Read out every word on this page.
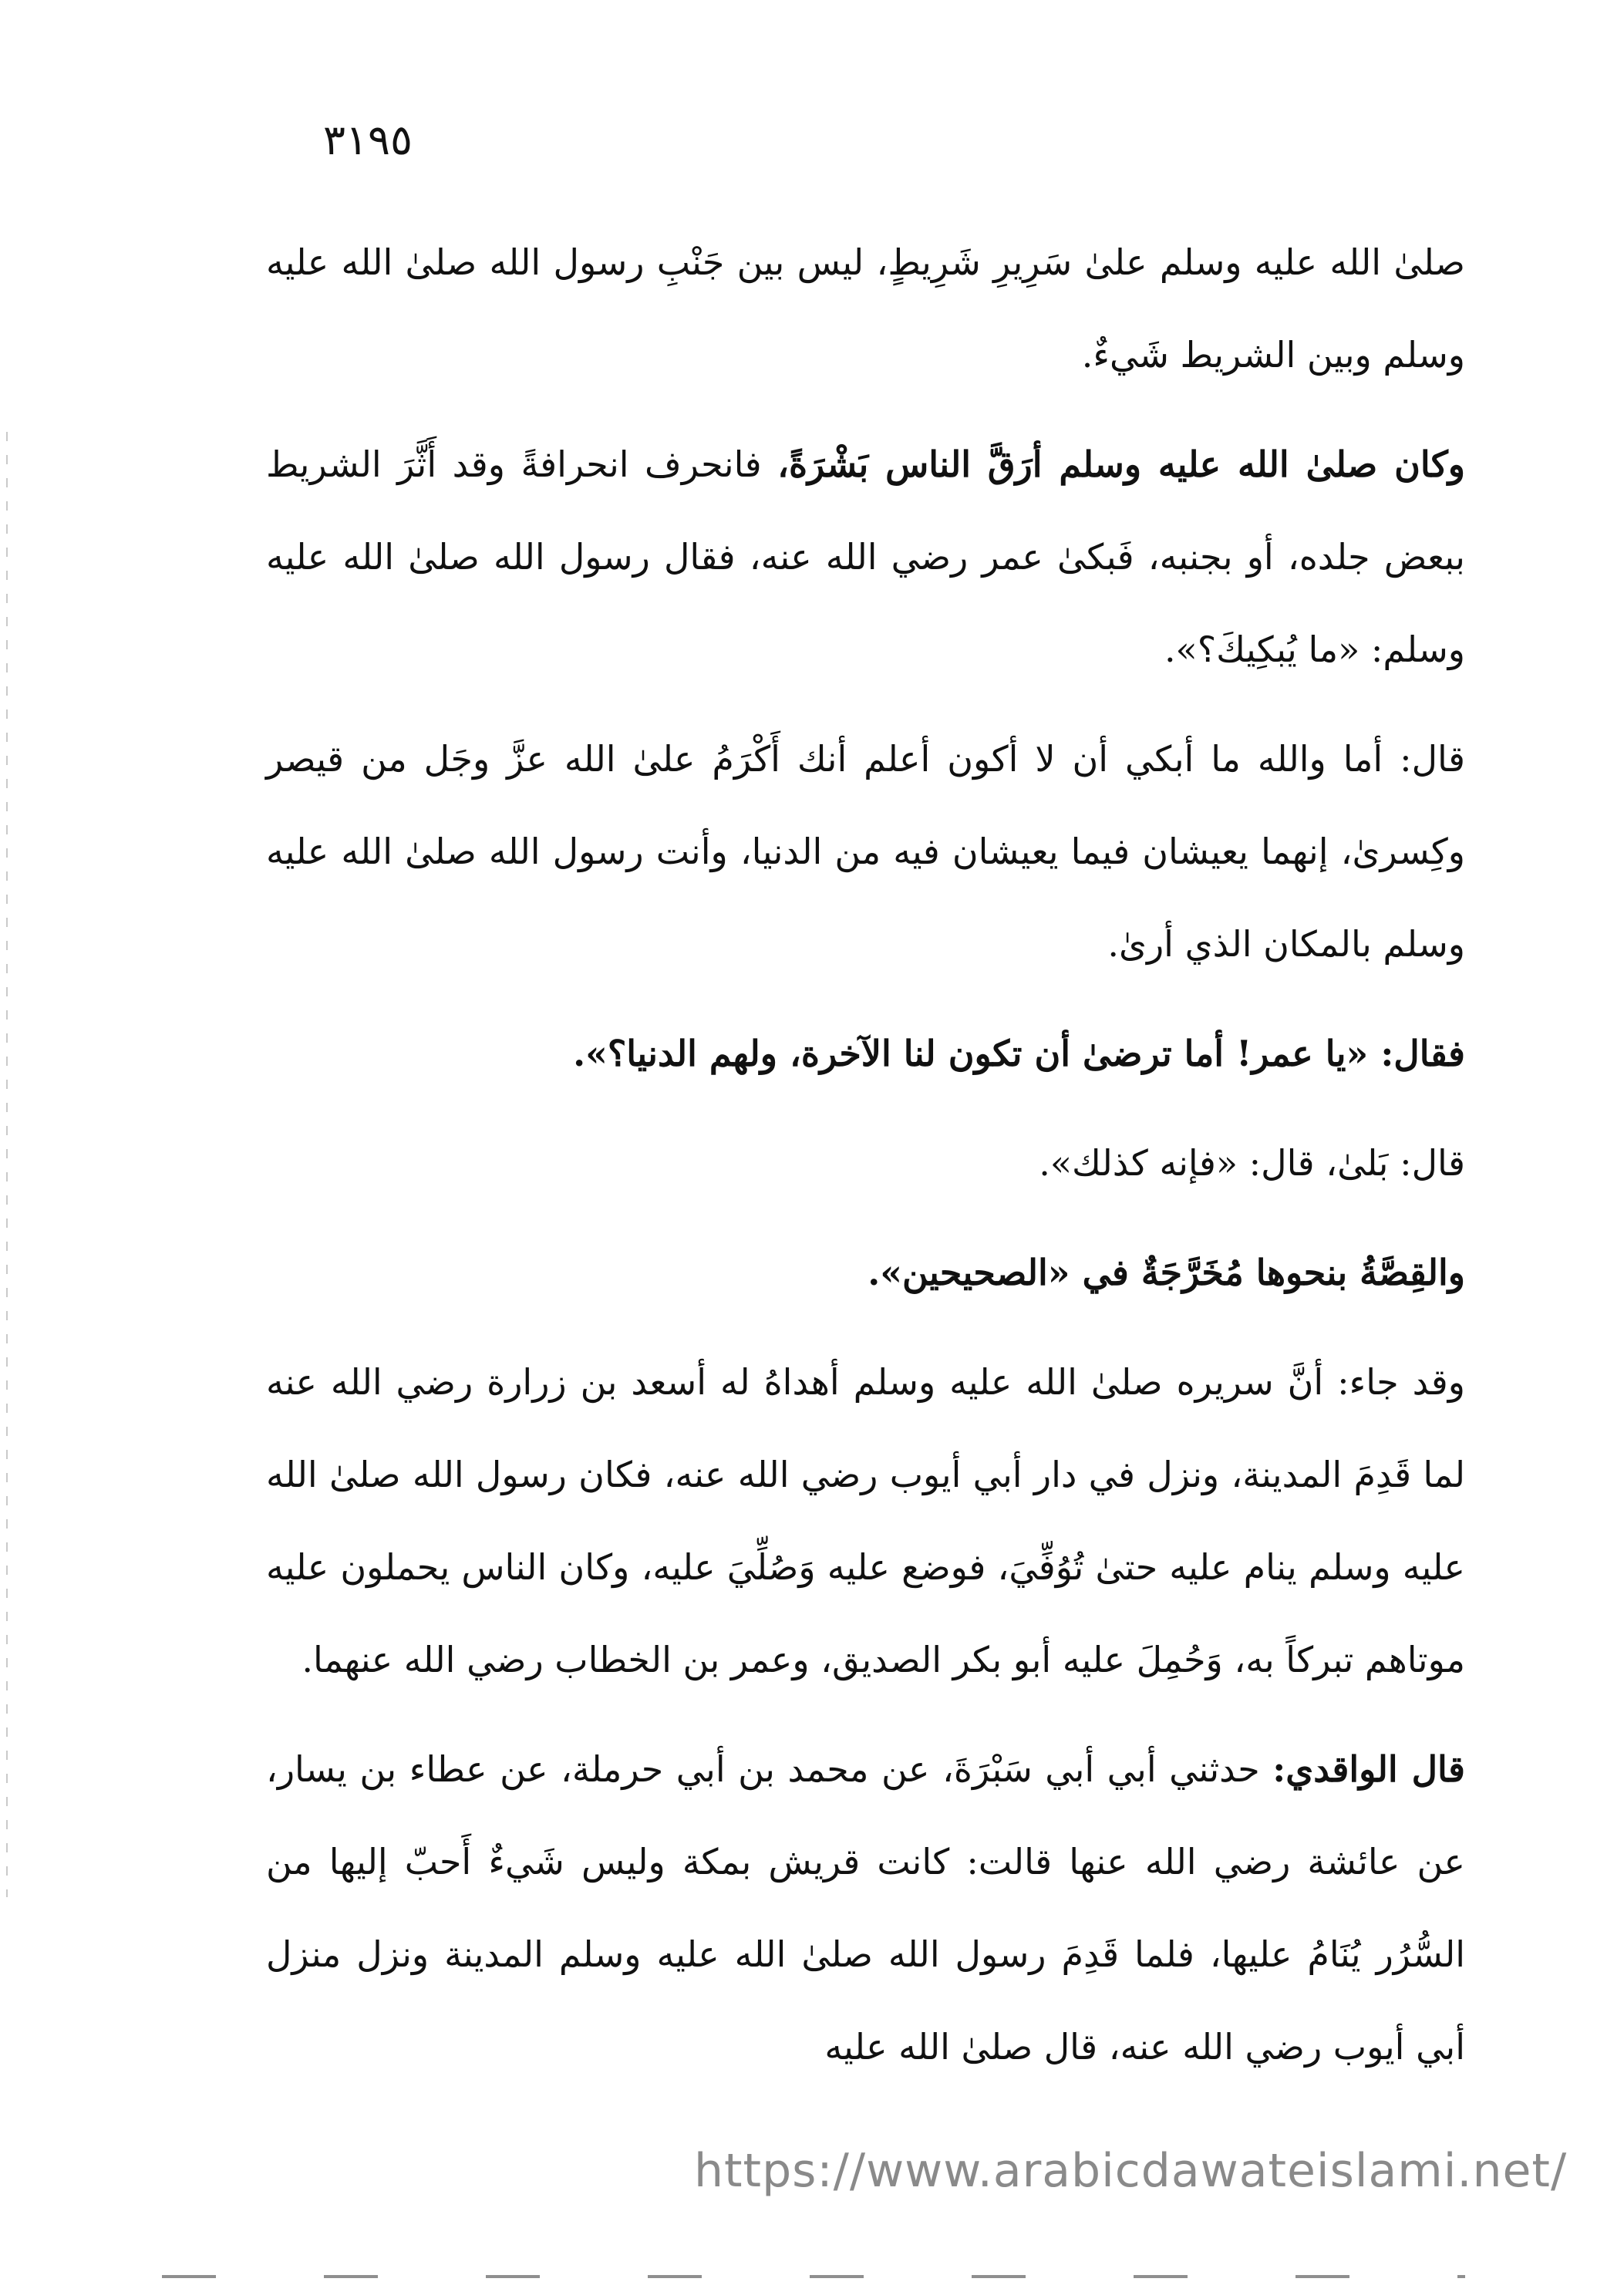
٣١٩٥

صلىٰ الله عليه وسلم علىٰ سَرِيرِ شَرِيطٍ، ليس بين جَنْبِ رسول الله صلىٰ الله عليه وسلم وبين الشريط شَيءٌ.

وكان صلىٰ الله عليه وسلم أرَقَّ الناس بَشْرَةً، فانحرف انحرافةً وقد أَثَّرَ الشريط ببعض جلده، أو بجنبه، فَبكىٰ عمر رضي الله عنه، فقال رسول الله صلىٰ الله عليه وسلم: «ما يُبكِيكَ؟».

قال: أما والله ما أبكي أن لا أكون أعلم أنك أَكْرَمُ علىٰ الله عزَّ وجَل من قيصر وكِسرىٰ، إنهما يعيشان فيما يعيشان فيه من الدنيا، وأنت رسول الله صلىٰ الله عليه وسلم بالمكان الذي أرىٰ.

فقال: «يا عمر! أما ترضىٰ أن تكون لنا الآخرة، ولهم الدنيا؟».

قال: بَلىٰ، قال: «فإنه كذلك».

والقِصَّةُ بنحوها مُخَرَّجَةٌ في «الصحيحين».

وقد جاء: أنَّ سريره صلىٰ الله عليه وسلم أهداهُ له أسعد بن زرارة رضي الله عنه لما قَدِمَ المدينة، ونزل في دار أبي أيوب رضي الله عنه، فكان رسول الله صلىٰ الله عليه وسلم ينام عليه حتىٰ تُوُفِّيَ، فوضع عليه وَصُلِّيَ عليه، وكان الناس يحملون عليه موتاهم تبركاً به، وَحُمِلَ عليه أبو بكر الصديق، وعمر بن الخطاب رضي الله عنهما.

قال الواقدي: حدثني أبي أبي سَبْرَةَ، عن محمد بن أبي حرملة، عن عطاء بن يسار، عن عائشة رضي الله عنها قالت: كانت قريش بمكة وليس شَيءٌ أَحبّ إليها من السُّرُر يُنَامُ عليها، فلما قَدِمَ رسول الله صلىٰ الله عليه وسلم المدينة ونزل منزل أبي أيوب رضي الله عنه، قال صلىٰ الله عليه

https://www.arabicdawateislami.net/
